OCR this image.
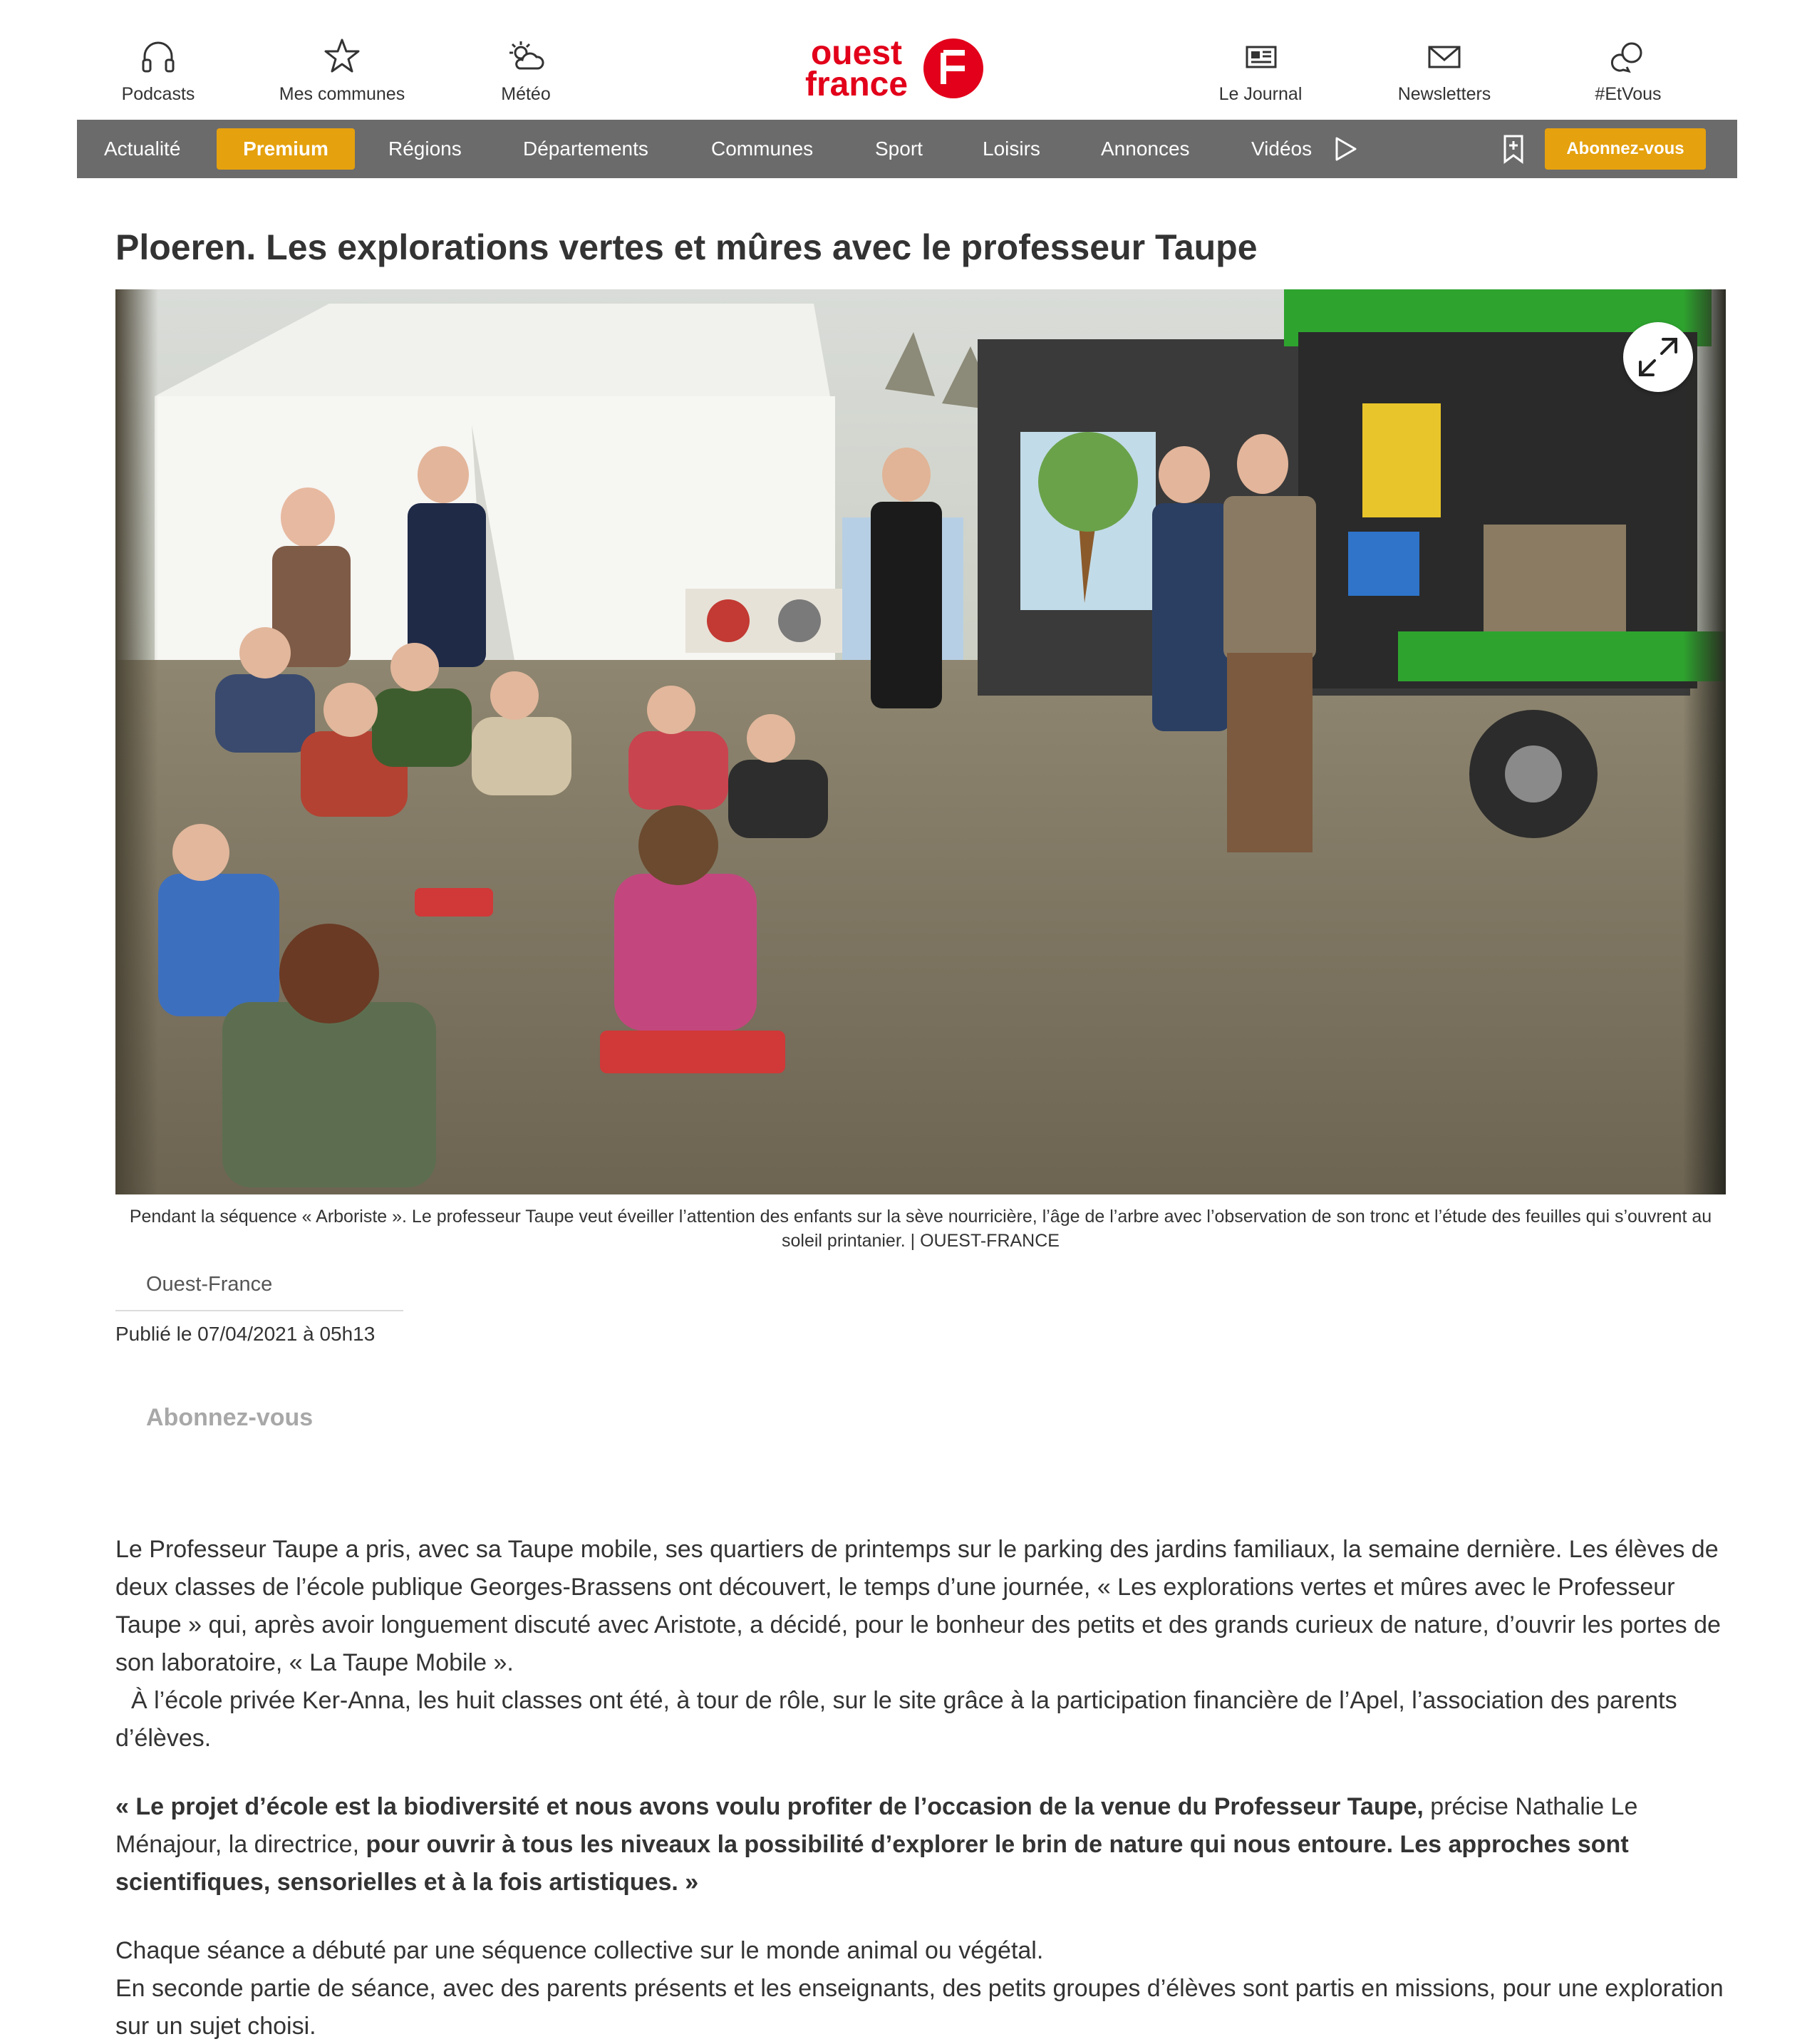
Podcasts	Mes communes	Météo
ouest
france	Le Journal	Newsletters	#EtVous
Actualité	Premium	Régions	Départements	Communes	Sport	Loisirs	Annonces	Vidéos	Abonnez-vous
Ploeren. Les explorations vertes et mûres avec le professeur Taupe

Pendant la séquence « Arboriste ». Le professeur Taupe veut éveiller l’attention des enfants sur la sève nourricière, l’âge de l’arbre avec l’observation de son tronc et l’étude des feuilles qui s’ouvrent au soleil printanier. | OUEST-FRANCE

Ouest-France
Publié le 07/04/2021 à 05h13
Abonnez-vous

Le Professeur Taupe a pris, avec sa Taupe mobile, ses quartiers de printemps sur le parking des jardins familiaux, la semaine dernière. Les élèves de deux classes de l’école publique Georges-Brassens ont découvert, le temps d’une journée, « Les explorations vertes et mûres avec le Professeur Taupe » qui, après avoir longuement discuté avec Aristote, a décidé, pour le bonheur des petits et des grands curieux de nature, d’ouvrir les portes de son laboratoire, « La Taupe Mobile ».
À l’école privée Ker-Anna, les huit classes ont été, à tour de rôle, sur le site grâce à la participation financière de l’Apel, l’association des parents d’élèves.

« Le projet d’école est la biodiversité et nous avons voulu profiter de l’occasion de la venue du Professeur Taupe, précise Nathalie Le Ménajour, la directrice, pour ouvrir à tous les niveaux la possibilité d’explorer le brin de nature qui nous entoure. Les approches sont scientifiques, sensorielles et à la fois artistiques. »

Chaque séance a débuté par une séquence collective sur le monde animal ou végétal.
En seconde partie de séance, avec des parents présents et les enseignants, des petits groupes d’élèves sont partis en missions, pour une exploration sur un sujet choisi.
